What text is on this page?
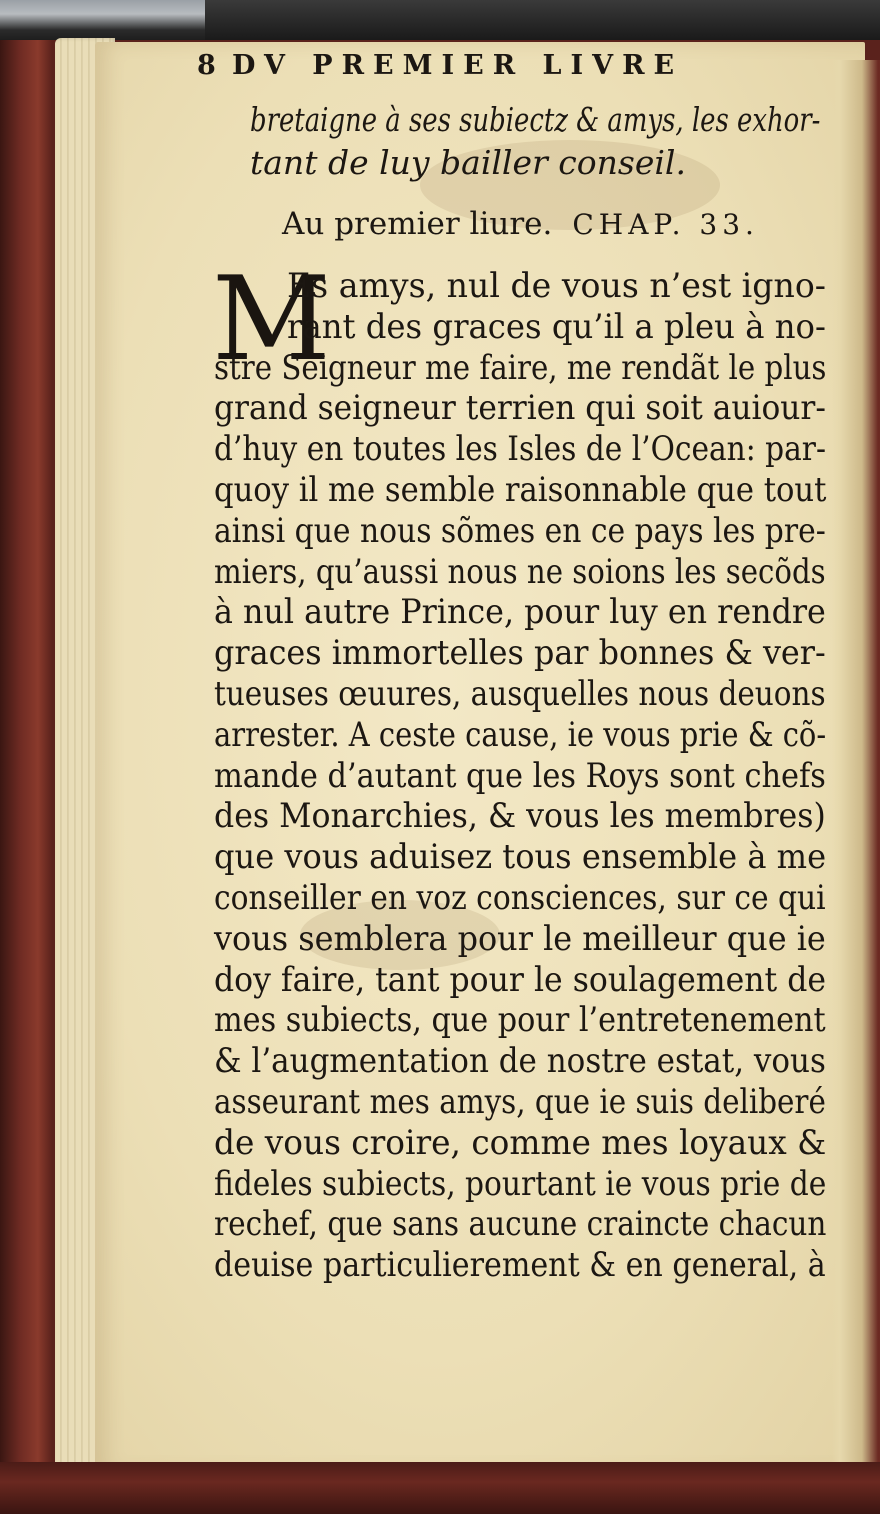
8 DV PREMIER LIVRE
bretaigne à ses subiectz & amys, les exhor-
tant de luy bailler conseil.
Au premier liure. CHAP. 33.
M
Es amys, nul de vous n’est igno-
rant des graces qu’il a pleu à no-
stre Seigneur me faire, me rendãt le plus
grand seigneur terrien qui soit auiour-
d’huy en toutes les Isles de l’Ocean: par-
quoy il me semble raisonnable que tout
ainsi que nous sõmes en ce pays les pre-
miers, qu’aussi nous ne soions les secõds
à nul autre Prince, pour luy en rendre
graces immortelles par bonnes & ver-
tueuses œuures, ausquelles nous deuons
arrester. A ceste cause, ie vous prie & cõ-
mande d’autant que les Roys sont chefs
des Monarchies, & vous les membres)
que vous aduisez tous ensemble à me
conseiller en voz consciences, sur ce qui
vous semblera pour le meilleur que ie
doy faire, tant pour le soulagement de
mes subiects, que pour l’entretenement
& l’augmentation de nostre estat, vous
asseurant mes amys, que ie suis deliberé
de vous croire, comme mes loyaux &
fideles subiects, pourtant ie vous prie de
rechef, que sans aucune craincte chacun
deuise particulierement & en general, à
